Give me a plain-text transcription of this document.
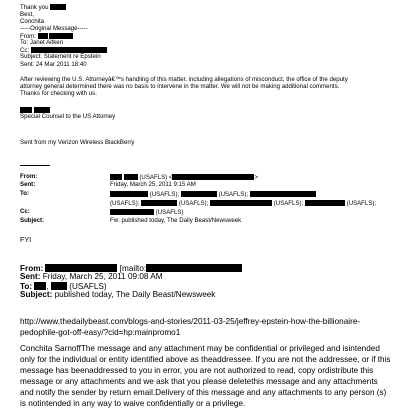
Thank you
Best,
Conchita
-----Original Message-----
From:
To: Janet Aitken
Cc:
Subject: Statement re Epstein
Sent: 24 Mar 2011 18:40
After reviewing the U.S. Attorneyâ€™s handling of this matter, including allegations of misconduct, the office of the deputy
attorney general determined there was no basis to intervene in the matter. We will not be making additional comments.
Thanks for checking with us.

Special Counsel to the US Attorney
Sent from my Verizon Wireless BlackBerry
From:	(USAFLS) <	>
Sent:	Friday, March 25, 2011 9:15 AM
To:	(USAFLS);	(USAFLS);
(USAFLS);	(USAFLS);	(USAFLS);	(USAFLS);
(USAFLS)
Cc:
Subject:	Fw: published today, The Daily Beast/Newsweek
FYI
From:	[mailto:
Sent: Friday, March 25, 2011 09:08 AM
To: ,  (USAFLS)
Subject: published today, The Daily Beast/Newsweek
http://www.thedailybeast.com/blogs-and-stories/2011-03-25/jeffrey-epstein-how-the-billionaire-
pedophile-got-off-easy/?cid=hp:mainpromo1
Conchita SarnoffThe message and any attachment may be confidential or privileged and isintended
only for the individual or entity identified above as theaddressee. If you are not the addressee, or if this
message has beenaddressed to you in error, you are not authorized to read, copy ordistribute this
message or any attachments and we ask that you please deletethis message and any attachments
and notify the sender by return email.Delivery of this message and any attachments to any person (s)
is notintended in any way to waive confidentially or a privilege.
